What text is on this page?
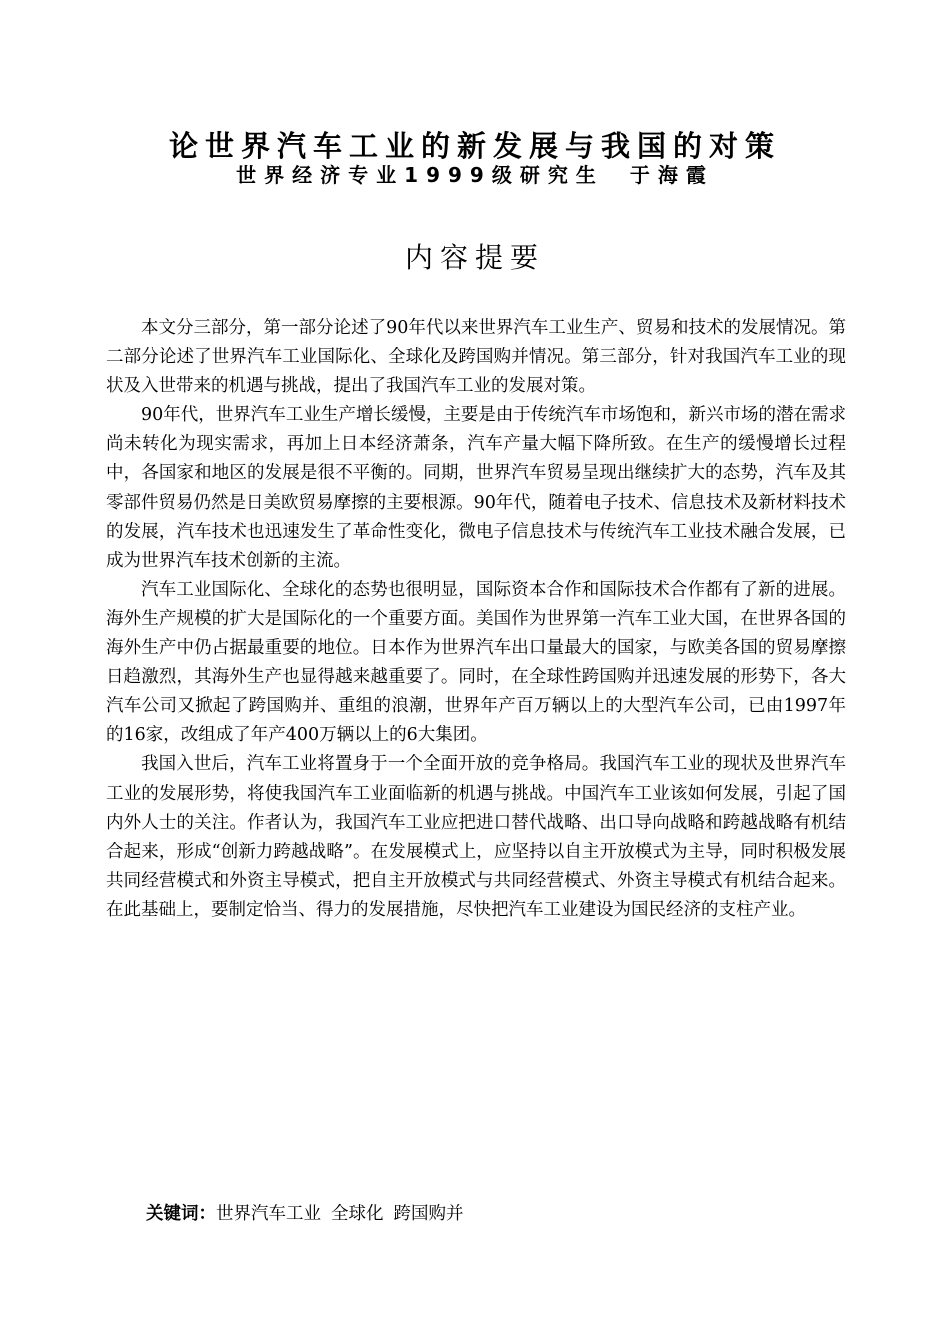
论世界汽车工业的新发展与我国的对策
世界经济专业1999级研究生 于海霞
内容提要

本文分三部分，第一部分论述了90年代以来世界汽车工业生产、贸易和技术的发展情况。第二部分论述了世界汽车工业国际化、全球化及跨国购并情况。第三部分，针对我国汽车工业的现状及入世带来的机遇与挑战，提出了我国汽车工业的发展对策。

90年代，世界汽车工业生产增长缓慢，主要是由于传统汽车市场饱和，新兴市场的潜在需求尚未转化为现实需求，再加上日本经济萧条，汽车产量大幅下降所致。在生产的缓慢增长过程中，各国家和地区的发展是很不平衡的。同期，世界汽车贸易呈现出继续扩大的态势，汽车及其零部件贸易仍然是日美欧贸易摩擦的主要根源。90年代，随着电子技术、信息技术及新材料技术的发展，汽车技术也迅速发生了革命性变化，微电子信息技术与传统汽车工业技术融合发展，已成为世界汽车技术创新的主流。

汽车工业国际化、全球化的态势也很明显，国际资本合作和国际技术合作都有了新的进展。海外生产规模的扩大是国际化的一个重要方面。美国作为世界第一汽车工业大国，在世界各国的海外生产中仍占据最重要的地位。日本作为世界汽车出口量最大的国家，与欧美各国的贸易摩擦日趋激烈，其海外生产也显得越来越重要了。同时，在全球性跨国购并迅速发展的形势下，各大汽车公司又掀起了跨国购并、重组的浪潮，世界年产百万辆以上的大型汽车公司，已由1997年的16家，改组成了年产400万辆以上的6大集团。

我国入世后，汽车工业将置身于一个全面开放的竞争格局。我国汽车工业的现状及世界汽车工业的发展形势，将使我国汽车工业面临新的机遇与挑战。中国汽车工业该如何发展，引起了国内外人士的关注。作者认为，我国汽车工业应把进口替代战略、出口导向战略和跨越战略有机结合起来，形成“创新力跨越战略”。在发展模式上，应坚持以自主开放模式为主导，同时积极发展共同经营模式和外资主导模式，把自主开放模式与共同经营模式、外资主导模式有机结合起来。在此基础上，要制定恰当、得力的发展措施，尽快把汽车工业建设为国民经济的支柱产业。

关键词：世界汽车工业 全球化 跨国购并
